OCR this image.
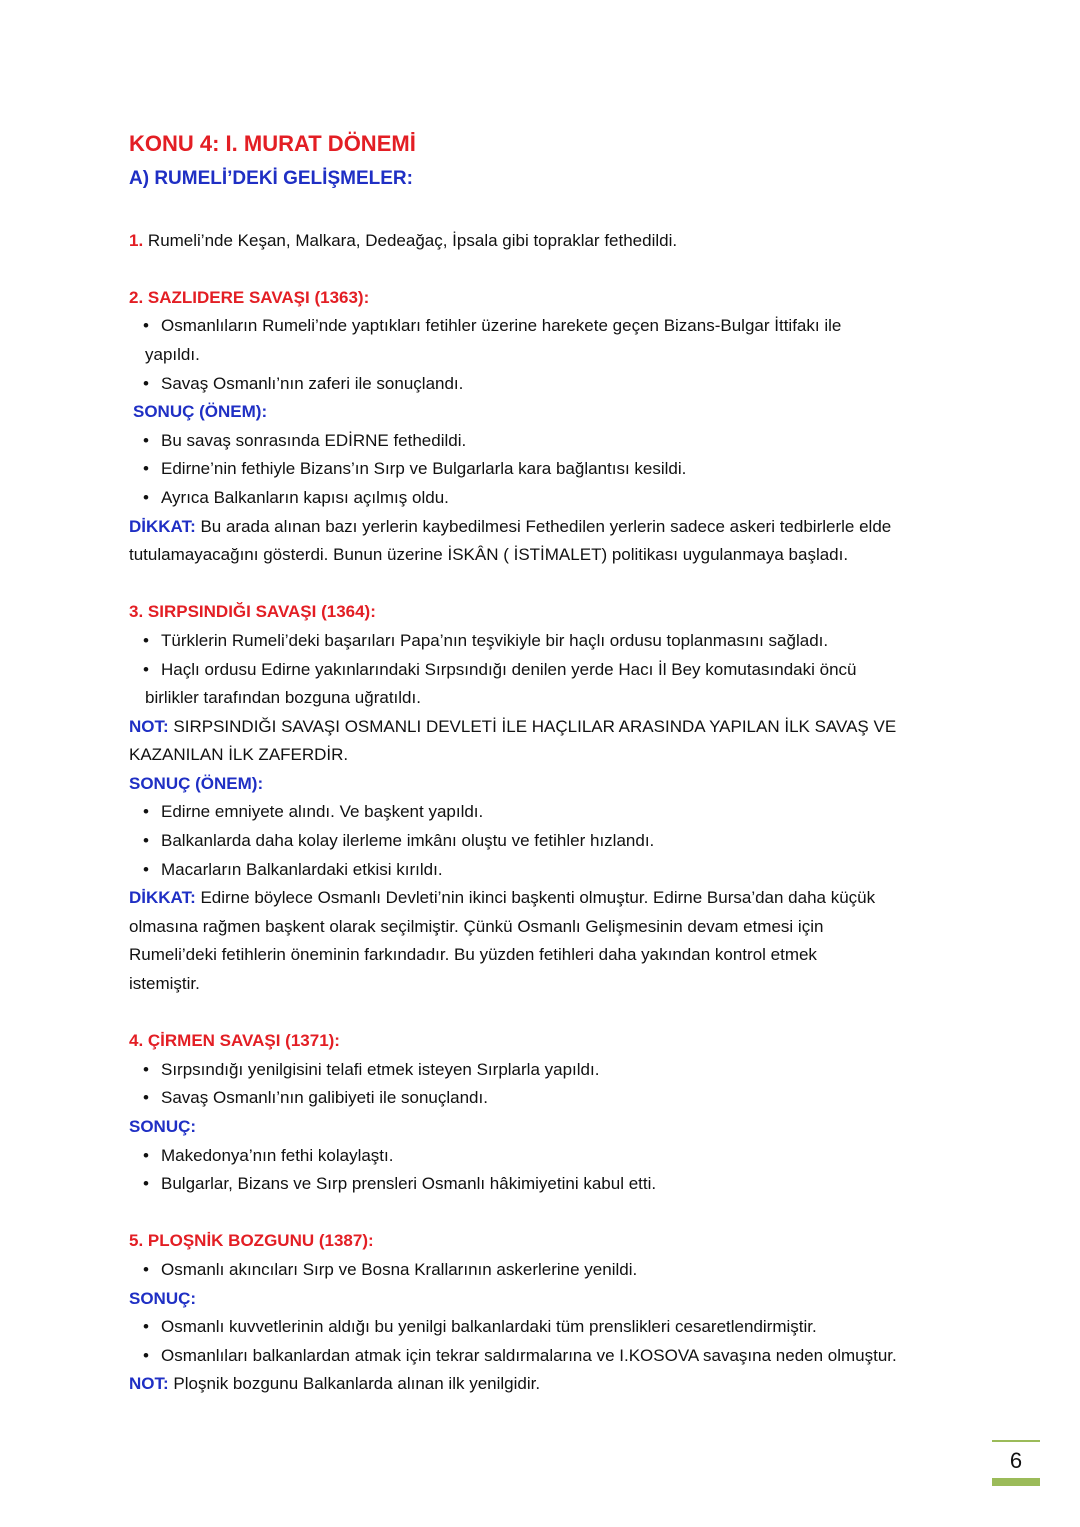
KONU 4: I. MURAT DÖNEMİ
A) RUMELİ’DEKİ GELİŞMELER:
1. Rumeli’nde Keşan, Malkara, Dedeağaç, İpsala gibi topraklar fethedildi.
2. SAZLIDERE SAVAŞI (1363):
• Osmanlıların Rumeli’nde yaptıkları fetihler üzerine harekete geçen Bizans-Bulgar İttifakı ile
yapıldı.
• Savaş Osmanlı’nın zaferi ile sonuçlandı.
SONUÇ (ÖNEM):
• Bu savaş sonrasında EDİRNE fethedildi.
• Edirne’nin fethiyle Bizans’ın Sırp ve Bulgarlarla kara bağlantısı kesildi.
• Ayrıca Balkanların kapısı açılmış oldu.
DİKKAT: Bu arada alınan bazı yerlerin kaybedilmesi Fethedilen yerlerin sadece askeri tedbirlerle elde
tutulamayacağını gösterdi. Bunun üzerine İSKÂN ( İSTİMALET) politikası uygulanmaya başladı.
3. SIRPSINDIĞI SAVAŞI (1364):
• Türklerin Rumeli’deki başarıları Papa’nın teşvikiyle bir haçlı ordusu toplanmasını sağladı.
• Haçlı ordusu Edirne yakınlarındaki Sırpsındığı denilen yerde Hacı İl Bey komutasındaki öncü
birlikler tarafından bozguna uğratıldı.
NOT: SIRPSINDIĞI SAVAŞI OSMANLI DEVLETİ İLE HAÇLILAR ARASINDA YAPILAN İLK SAVAŞ VE
KAZANILAN İLK ZAFERDİR.
SONUÇ (ÖNEM):
• Edirne emniyete alındı. Ve başkent yapıldı.
• Balkanlarda daha kolay ilerleme imkânı oluştu ve fetihler hızlandı.
• Macarların Balkanlardaki etkisi kırıldı.
DİKKAT: Edirne böylece Osmanlı Devleti’nin ikinci başkenti olmuştur. Edirne Bursa’dan daha küçük
olmasına rağmen başkent olarak seçilmiştir. Çünkü Osmanlı Gelişmesinin devam etmesi için
Rumeli’deki fetihlerin öneminin farkındadır. Bu yüzden fetihleri daha yakından kontrol etmek
istemiştir.
4. ÇİRMEN SAVAŞI (1371):
• Sırpsındığı yenilgisini telafi etmek isteyen Sırplarla yapıldı.
• Savaş Osmanlı’nın galibiyeti ile sonuçlandı.
SONUÇ:
• Makedonya’nın fethi kolaylaştı.
• Bulgarlar, Bizans ve Sırp prensleri Osmanlı hâkimiyetini kabul etti.
5. PLOŞNİK BOZGUNU (1387):
• Osmanlı akıncıları Sırp ve Bosna Krallarının askerlerine yenildi.
SONUÇ:
• Osmanlı kuvvetlerinin aldığı bu yenilgi balkanlardaki tüm prenslikleri cesaretlendirmiştir.
• Osmanlıları balkanlardan atmak için tekrar saldırmalarına ve I.KOSOVA savaşına neden olmuştur.
NOT: Ploşnik bozgunu Balkanlarda alınan ilk yenilgidir.
6
